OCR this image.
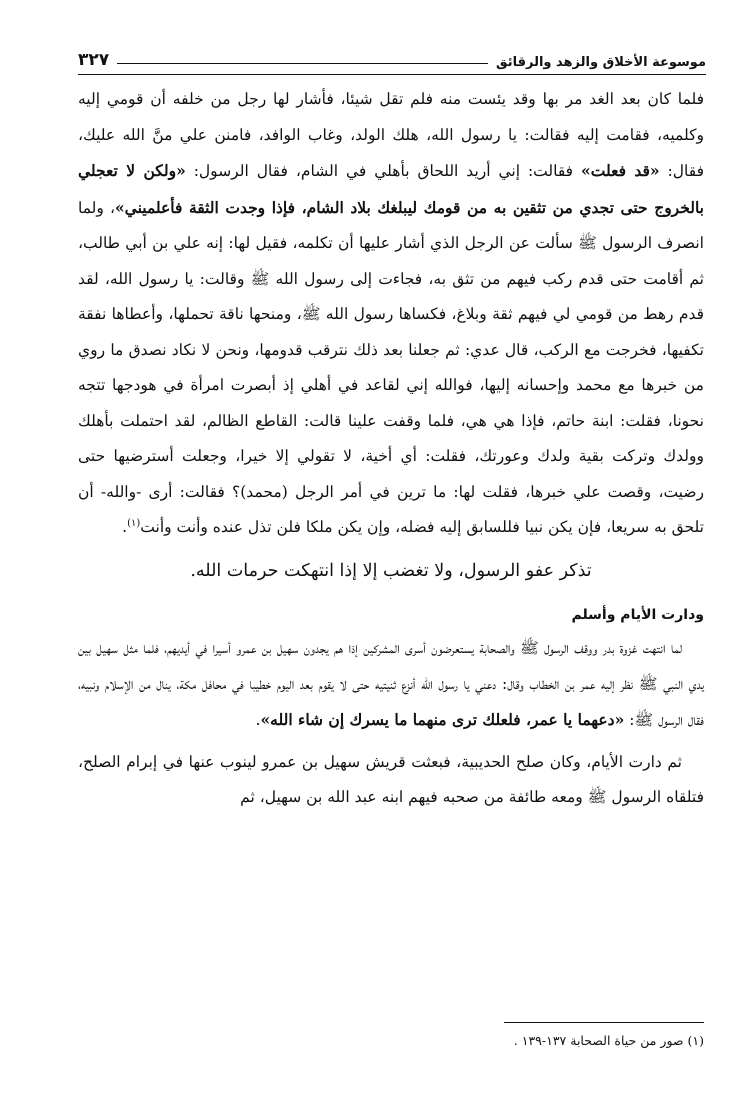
موسوعة الأخلاق والزهد والرقائق
٣٢٧

فلما كان بعد الغد مر بها وقد يئست منه فلم تقل شيئا، فأشار لها رجل من خلفه أن قومي إليه وكلميه، فقامت إليه فقالت: يا رسول الله، هلك الولد، وغاب الوافد، فامنن علي منَّ الله عليك، فقال: «قد فعلت» فقالت: إني أريد اللحاق بأهلي في الشام، فقال الرسول: «ولكن لا تعجلي بالخروج حتى تجدي من تثقين به من قومك ليبلغك بلاد الشام، فإذا وجدت الثقة فأعلميني»، ولما انصرف الرسول ﷺ سألت عن الرجل الذي أشار عليها أن تكلمه، فقيل لها: إنه علي بن أبي طالب، ثم أقامت حتى قدم ركب فيهم من تثق به، فجاءت إلى رسول الله ﷺ وقالت: يا رسول الله، لقد قدم رهط من قومي لي فيهم ثقة وبلاغ، فكساها رسول الله ﷺ، ومنحها ناقة تحملها، وأعطاها نفقة تكفيها، فخرجت مع الركب، قال عدي: ثم جعلنا بعد ذلك نترقب قدومها، ونحن لا نكاد نصدق ما روي من خبرها مع محمد وإحسانه إليها، فوالله إني لقاعد في أهلي إذ أبصرت امرأة في هودجها تتجه نحونا، فقلت: ابنة حاتم، فإذا هي هي، فلما وقفت علينا قالت: القاطع الظالم، لقد احتملت بأهلك وولدك وتركت بقية ولدك وعورتك، فقلت: أي أخية، لا تقولي إلا خيرا، وجعلت أسترضيها حتى رضيت، وقصت علي خبرها، فقلت لها: ما ترين في أمر الرجل (محمد)؟ فقالت: أرى -والله- أن تلحق به سريعا، فإن يكن نبيا فللسابق إليه فضله، وإن يكن ملكا فلن تذل عنده وأنت وأنت$^{(١)}$.

تذكر عفو الرسول، ولا تغضب إلا إذا انتهكت حرمات الله.

ودارت الأيام وأسلم

لما انتهت غزوة بدر ووقف الرسول ﷺ والصحابة يستعرضون أسرى المشركين إذا هم يجدون سهيل بن عمرو أسيرا في أيديهم، فلما مثل سهيل بين يدي النبي ﷺ نظر إليه عمر بن الخطاب وقال: دعني يا رسول الله أنزع ثنيتيه حتى لا يقوم بعد اليوم خطيبا في محافل مكة، ينال من الإسلام ونبيه، فقال الرسول ﷺ: «دعهما يا عمر، فلعلك ترى منهما ما يسرك إن شاء الله».

ثم دارت الأيام، وكان صلح الحديبية، فبعثت قريش سهيل بن عمرو لينوب عنها في إبرام الصلح، فتلقاه الرسول ﷺ ومعه طائفة من صحبه فيهم ابنه عبد الله بن سهيل، ثم

(١) صور من حياة الصحابة ١٣٧-١٣٩ .
